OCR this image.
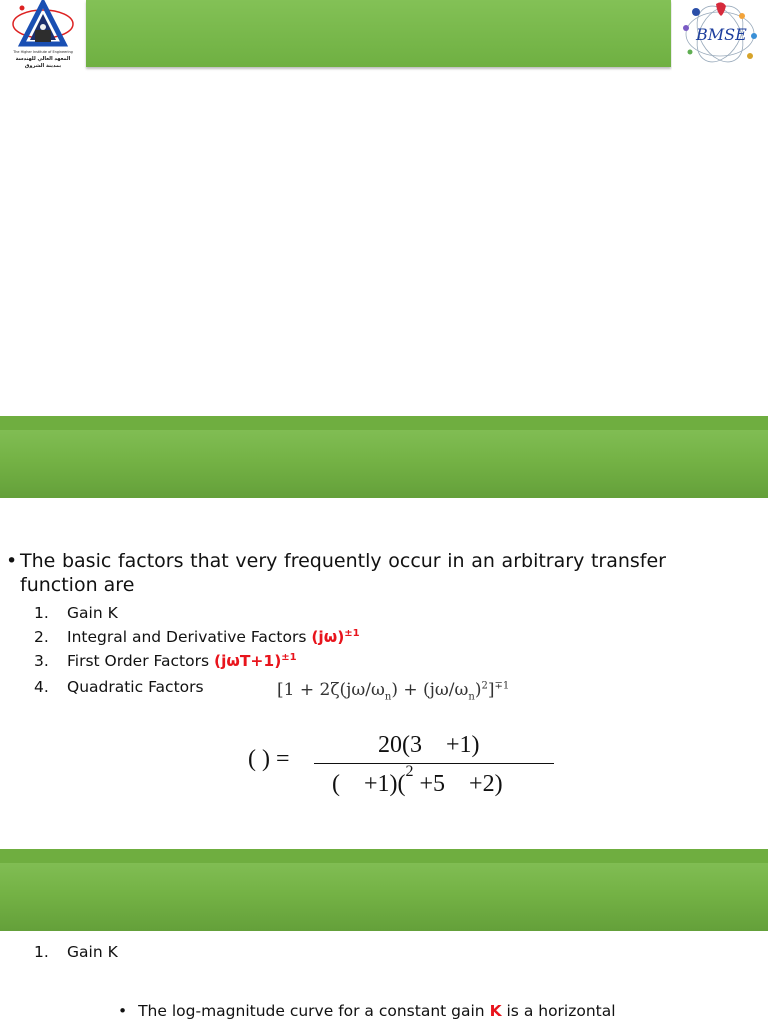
The Higher Institute of Engineering
المعهد العالي للهندسة
بمدينة الشروق
BMSE
• The basic factors that very frequently occur in an arbitrary transfer function are
1. Gain K
2. Integral and Derivative Factors $(j\omega)^{\pm 1}$
3. First Order Factors $(j\omega T+1)^{\pm 1}$
4. Quadratic Factors	$[1 + 2\zeta(j\omega/\omega_n) + (j\omega/\omega_n)^2]^{\mp 1}$
( ) =
20(3    +1)
(    +1)($^2$ +5    +2)
1. Gain K
• The log-magnitude curve for a constant gain K is a horizontal
